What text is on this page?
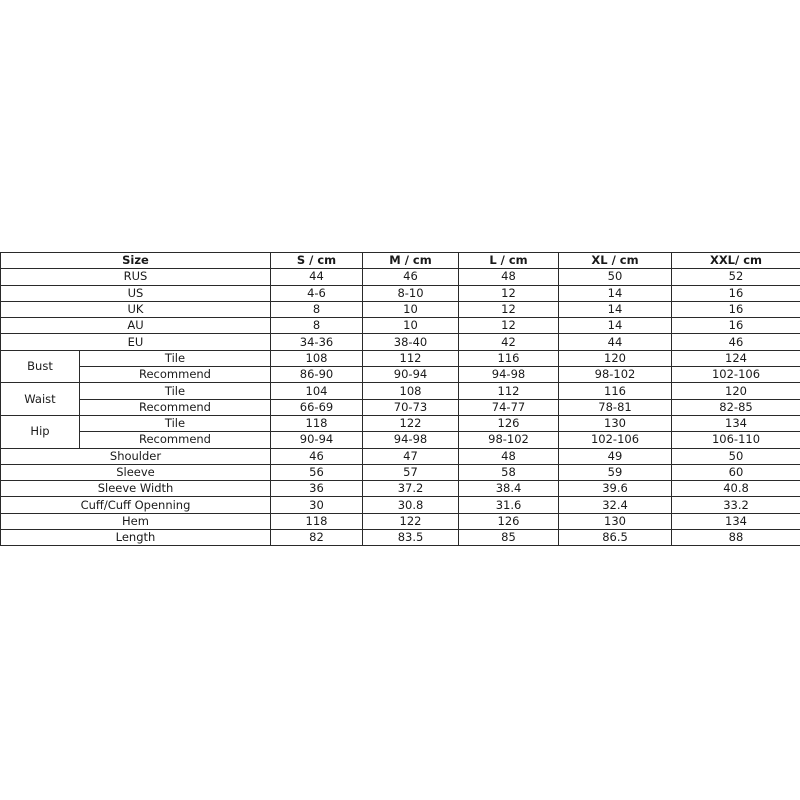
Size		S / cm	M / cm	L / cm	XL / cm	XXL/ cm
RUS		44	46	48	50	52
US		4-6	8-10	12	14	16
UK		8	10	12	14	16
AU		8	10	12	14	16
EU		34-36	38-40	42	44	46
Bust	Tile	108	112	116	120	124
	Recommend	86-90	90-94	94-98	98-102	102-106
Waist	Tile	104	108	112	116	120
	Recommend	66-69	70-73	74-77	78-81	82-85
Hip	Tile	118	122	126	130	134
	Recommend	90-94	94-98	98-102	102-106	106-110
Shoulder		46	47	48	49	50
Sleeve		56	57	58	59	60
Sleeve Width		36	37.2	38.4	39.6	40.8
Cuff/Cuff Openning		30	30.8	31.6	32.4	33.2
Hem		118	122	126	130	134
Length		82	83.5	85	86.5	88
